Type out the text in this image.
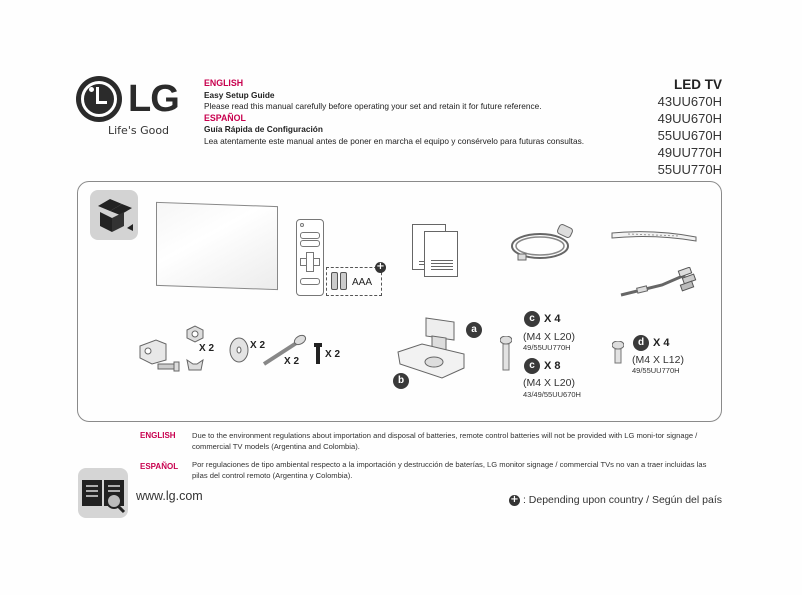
LG
Life's Good
ENGLISH
Easy Setup Guide
Please read this manual carefully before operating your set and retain it for future reference.
ESPAÑOL
Guía Rápida de Configuración
Lea atentamente este manual antes de poner en marcha el equipo y consérvelo para futuras consultas.
LED TV
43UU670H
49UU670H
55UU670H
49UU770H
55UU770H
AAA
+
X 2	X 2
X 2
X 2
a
b
c X 4
(M4 X L20)
49/55UU770H
c X 8
(M4 X L20)
43/49/55UU670H
d X 4
(M4 X L12)
49/55UU770H
ENGLISH Due to the environment regulations about importation and disposal of batteries, remote control batteries will not be provided with LG moni-tor signage / commercial TV models (Argentina and Colombia).
ESPAÑOL Por regulaciones de tipo ambiental respecto a la importación y destrucción de baterías, LG monitor signage / commercial TVs no van a traer incluidas las pilas del control remoto (Argentina y Colombia).
www.lg.com	+ : Depending upon country / Según del país
